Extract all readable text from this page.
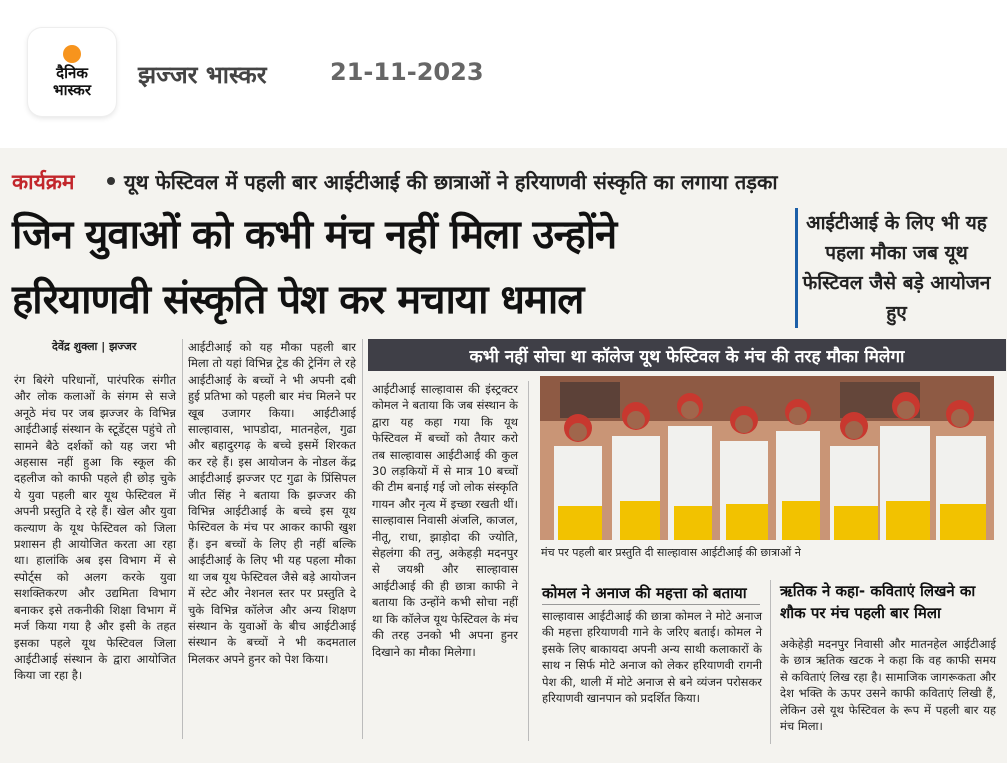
दैनिक
भास्कर
झज्जर भास्कर	21-11-2023
कार्यक्रम यूथ फेस्टिवल में पहली बार आईटीआई की छात्राओं ने हरियाणवी संस्कृति का लगाया तड़का
जिन युवाओं को कभी मंच नहीं मिला उन्होंने
हरियाणवी संस्कृति पेश कर मचाया धमाल
आईटीआई के लिए भी यह पहला मौका जब यूथ फेस्टिवल जैसे बड़े आयोजन हुए
देवेंद्र शुक्ला | झज्जर
रंग बिरंगे परिधानों, पारंपरिक संगीत और लोक कलाओं के संगम से सजे अनूठे मंच पर जब झज्जर के विभिन्न आईटीआई संस्थान के स्टूडेंट्स पहुंचे तो सामने बैठे दर्शकों को यह जरा भी अहसास नहीं हुआ कि स्कूल की दहलीज को काफी पहले ही छोड़ चुके ये युवा पहली बार यूथ फेस्टिवल में अपनी प्रस्तुति दे रहे हैं। खेल और युवा कल्याण के यूथ फेस्टिवल को जिला प्रशासन ही आयोजित करता आ रहा था। हालांकि अब इस विभाग में से स्पोर्ट्स को अलग करके युवा सशक्तिकरण और उद्यमिता विभाग बनाकर इसे तकनीकी शिक्षा विभाग में मर्ज किया गया है और इसी के तहत इसका पहले यूथ फेस्टिवल जिला आईटीआई संस्थान के द्वारा आयोजित किया जा रहा है।
आईटीआई को यह मौका पहली बार मिला तो यहां विभिन्न ट्रेड की ट्रेनिंग ले रहे आईटीआई के बच्चों ने भी अपनी दबी हुई प्रतिभा को पहली बार मंच मिलने पर खूब उजागर किया। आईटीआई साल्हावास, भापडोदा, मातनहेल, गुढा और बहादुरगढ़ के बच्चे इसमें शिरकत कर रहे हैं। इस आयोजन के नोडल केंद्र आईटीआई झज्जर एट गुढा के प्रिंसिपल जीत सिंह ने बताया कि झज्जर की विभिन्न आईटीआई के बच्चे इस यूथ फेस्टिवल के मंच पर आकर काफी खुश हैं। इन बच्चों के लिए ही नहीं बल्कि आईटीआई के लिए भी यह पहला मौका था जब यूथ फेस्टिवल जैसे बड़े आयोजन में स्टेट और नेशनल स्तर पर प्रस्तुति दे चुके विभिन्न कॉलेज और अन्य शिक्षण संस्थान के युवाओं के बीच आईटीआई संस्थान के बच्चों ने भी कदमताल मिलकर अपने हुनर को पेश किया।
कभी नहीं सोचा था कॉलेज यूथ फेस्टिवल के मंच की तरह मौका मिलेगा
आईटीआई साल्हावास की इंस्ट्रक्टर कोमल ने बताया कि जब संस्थान के द्वारा यह कहा गया कि यूथ फेस्टिवल में बच्चों को तैयार करो तब साल्हावास आईटीआई की कुल 30 लड़कियों में से मात्र 10 बच्चों की टीम बनाई गई जो लोक संस्कृति गायन और नृत्य में इच्छा रखती थीं। साल्हावास निवासी अंजलि, काजल, नीतू, राधा, झाड़ोदा की ज्योति, सेहलंगा की तनु, अकेहड़ी मदनपुर से जयश्री और साल्हावास आईटीआई की ही छात्रा काफी ने बताया कि उन्होंने कभी सोचा नहीं था कि कॉलेज यूथ फेस्टिवल के मंच की तरह उनको भी अपना हुनर दिखाने का मौका मिलेगा।
मंच पर पहली बार प्रस्तुति दी साल्हावास आईटीआई की छात्राओं ने
कोमल ने अनाज की महत्ता को बताया
साल्हावास आईटीआई की छात्रा कोमल ने मोटे अनाज की महत्ता हरियाणवी गाने के जरिए बताई। कोमल ने इसके लिए बाकायदा अपनी अन्य साथी कलाकारों के साथ न सिर्फ मोटे अनाज को लेकर हरियाणवी रागनी पेश की, थाली में मोटे अनाज से बने व्यंजन परोसकर हरियाणवी खानपान को प्रदर्शित किया।
ऋतिक ने कहा- कविताएं लिखने का शौक पर मंच पहली बार मिला
अकेहेड़ी मदनपुर निवासी और मातनहेल आईटीआई के छात्र ऋतिक खटक ने कहा कि वह काफी समय से कविताएं लिख रहा है। सामाजिक जागरूकता और देश भक्ति के ऊपर उसने काफी कविताएं लिखी हैं, लेकिन उसे यूथ फेस्टिवल के रूप में पहली बार यह मंच मिला।
